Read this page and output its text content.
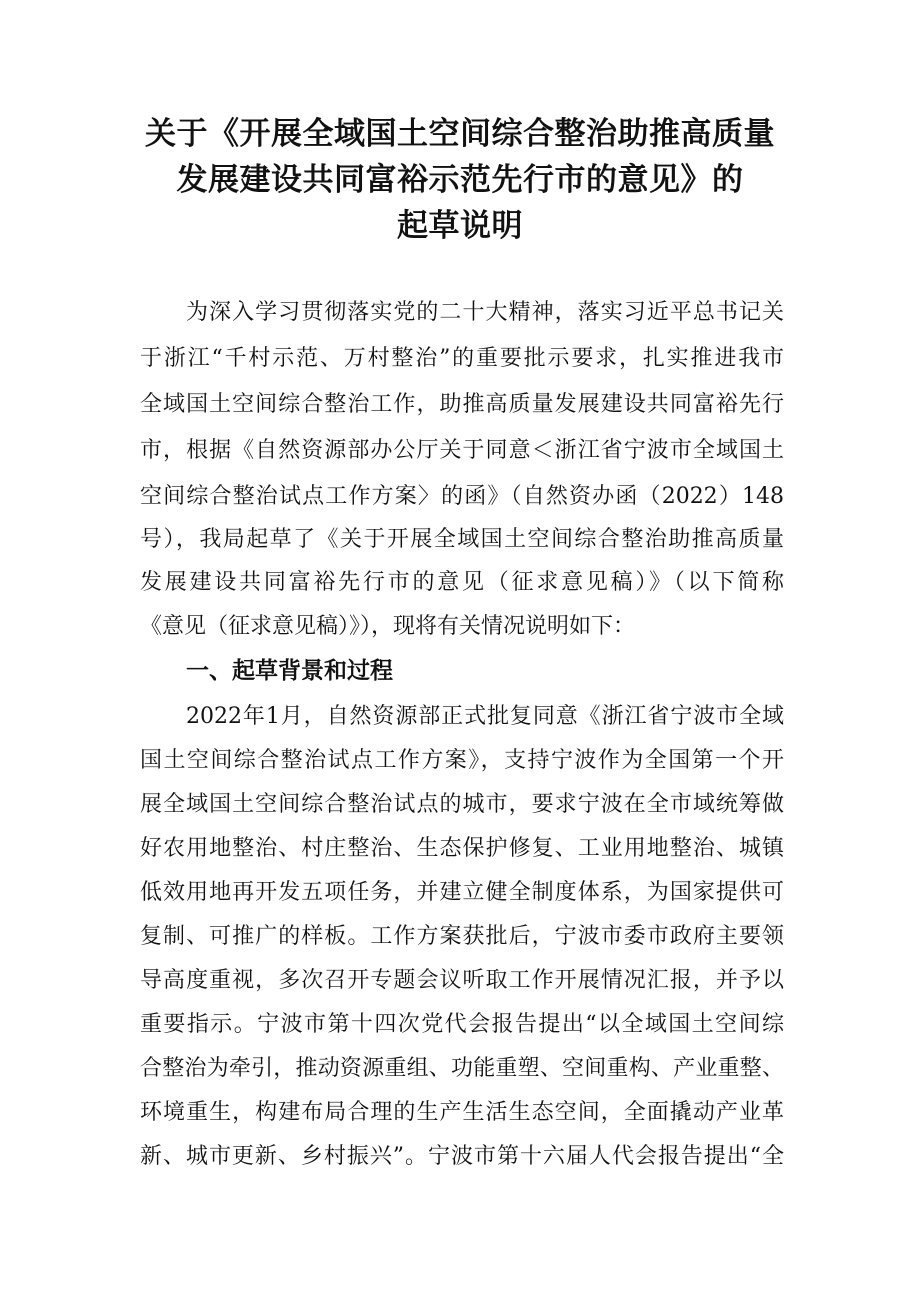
关于《开展全域国土空间综合整治助推高质量
发展建设共同富裕示范先行市的意见》的
起草说明
为深入学习贯彻落实党的二十大精神，落实习近平总书记关
于浙江“千村示范、万村整治”的重要批示要求，扎实推进我市
全域国土空间综合整治工作，助推高质量发展建设共同富裕先行
市，根据《自然资源部办公厅关于同意＜浙江省宁波市全域国土
空间综合整治试点工作方案〉的函》（自然资办函（2022）148
号），我局起草了《关于开展全域国土空间综合整治助推高质量
发展建设共同富裕先行市的意见（征求意见稿）》（以下简称
《意见（征求意见稿）》），现将有关情况说明如下：
一、起草背景和过程
2022年1月，自然资源部正式批复同意《浙江省宁波市全域
国土空间综合整治试点工作方案》，支持宁波作为全国第一个开
展全域国土空间综合整治试点的城市，要求宁波在全市域统筹做
好农用地整治、村庄整治、生态保护修复、工业用地整治、城镇
低效用地再开发五项任务，并建立健全制度体系，为国家提供可
复制、可推广的样板。工作方案获批后，宁波市委市政府主要领
导高度重视，多次召开专题会议听取工作开展情况汇报，并予以
重要指示。宁波市第十四次党代会报告提出“以全域国土空间综
合整治为牵引，推动资源重组、功能重塑、空间重构、产业重整、
环境重生，构建布局合理的生产生活生态空间，全面撬动产业革
新、城市更新、乡村振兴”。宁波市第十六届人代会报告提出“全
